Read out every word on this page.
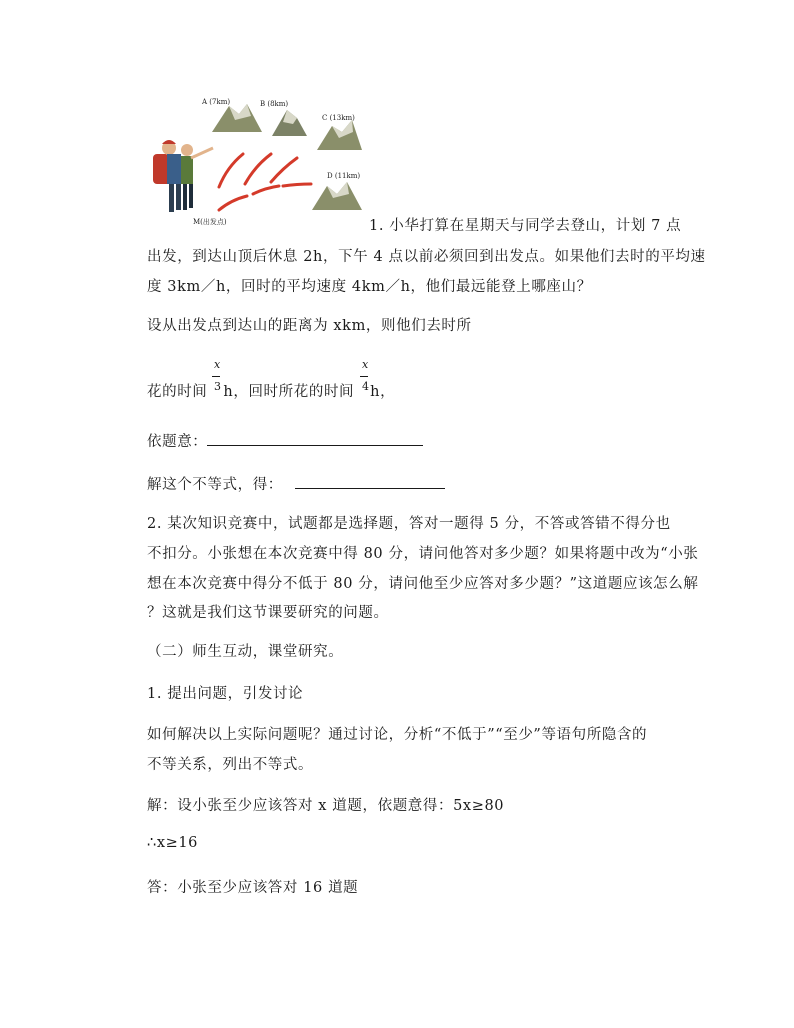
A (7km)	B (8km)
C (13km)
D (11km)
M(出发点)	1. 小华打算在星期天与同学去登山，计划 7 点
出发，到达山顶后休息 2h，下午 4 点以前必须回到出发点。如果他们去时的平均速
度 3km／h，回时的平均速度 4km／h，他们最远能登上哪座山？
设从出发点到达山的距离为 xkm，则他们去时所
花的时间 h，回时所花的时间 h，
x
3
x
4
依题意：
解这个不等式，得：
2. 某次知识竞赛中，试题都是选择题，答对一题得 5 分，不答或答错不得分也
不扣分。小张想在本次竞赛中得 80 分，请问他答对多少题？如果将题中改为“小张
想在本次竞赛中得分不低于 80 分，请问他至少应答对多少题？”这道题应该怎么解
？这就是我们这节课要研究的问题。
（二）师生互动，课堂研究。
1. 提出问题，引发讨论
如何解决以上实际问题呢？通过讨论，分析“不低于”“至少”等语句所隐含的
不等关系，列出不等式。
解：设小张至少应该答对 x 道题，依题意得：5x≥80
∴x≥16
答：小张至少应该答对 16 道题
